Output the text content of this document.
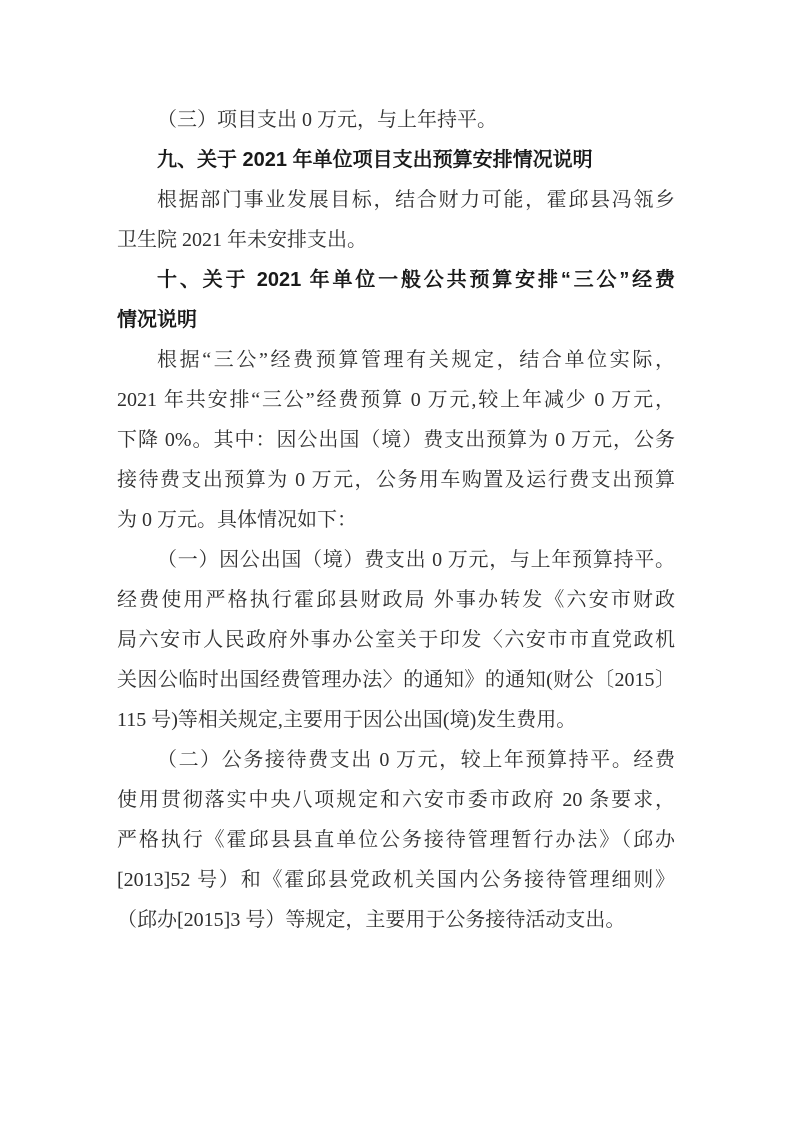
（三）项目支出 0 万元，与上年持平。

九、关于 2021 年单位项目支出预算安排情况说明

根据部门事业发展目标，结合财力可能，霍邱县冯瓴乡

卫生院 2021 年未安排支出。

十、关于 2021 年单位一般公共预算安排“三公”经费

情况说明

根据“三公”经费预算管理有关规定，结合单位实际，

2021 年共安排“三公”经费预算 0 万元,较上年减少 0 万元，

下降 0%。其中：因公出国（境）费支出预算为 0 万元，公务

接待费支出预算为 0 万元，公务用车购置及运行费支出预算

为 0 万元。具体情况如下：

（一）因公出国（境）费支出 0 万元，与上年预算持平。

经费使用严格执行霍邱县财政局 外事办转发《六安市财政

局六安市人民政府外事办公室关于印发〈六安市市直党政机

关因公临时出国经费管理办法〉的通知》的通知(财公〔2015〕

115 号)等相关规定,主要用于因公出国(境)发生费用。

（二）公务接待费支出 0 万元，较上年预算持平。经费

使用贯彻落实中央八项规定和六安市委市政府 20 条要求，

严格执行《霍邱县县直单位公务接待管理暂行办法》（邱办

[2013]52 号）和《霍邱县党政机关国内公务接待管理细则》

（邱办[2015]3 号）等规定，主要用于公务接待活动支出。
